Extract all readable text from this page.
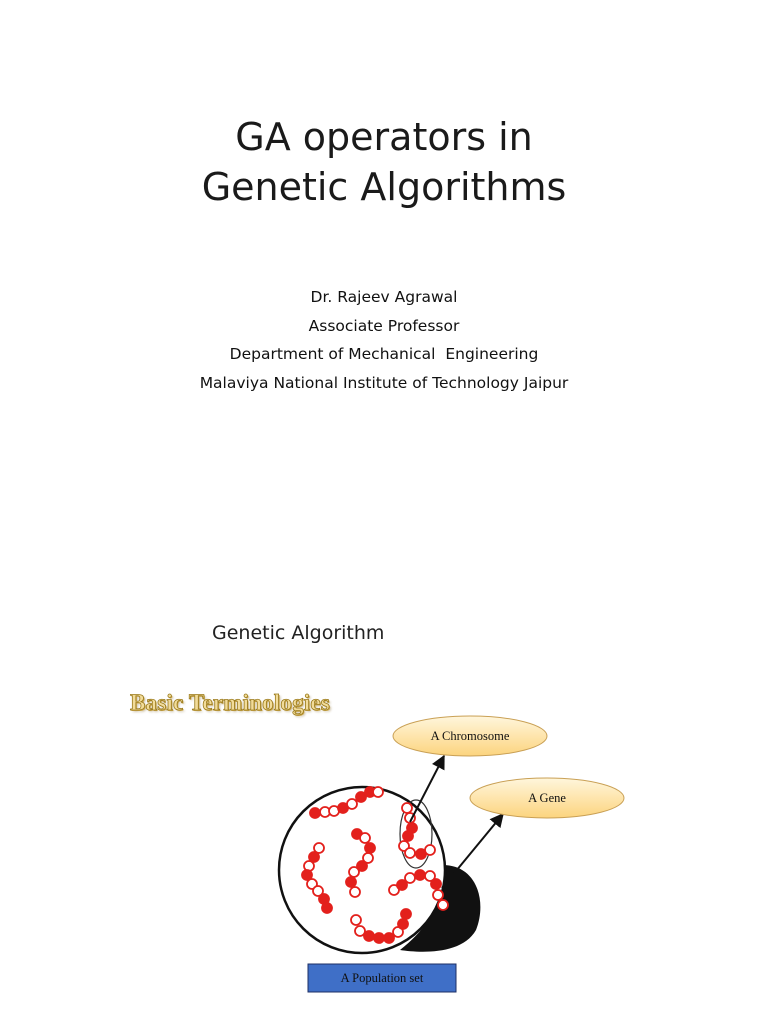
GA operators in
Genetic Algorithms
Dr. Rajeev Agrawal
Associate Professor
Department of Mechanical  Engineering
Malaviya National Institute of Technology Jaipur
Genetic Algorithm
Basic Terminologies
A Chromosome
A Gene
A Population set
